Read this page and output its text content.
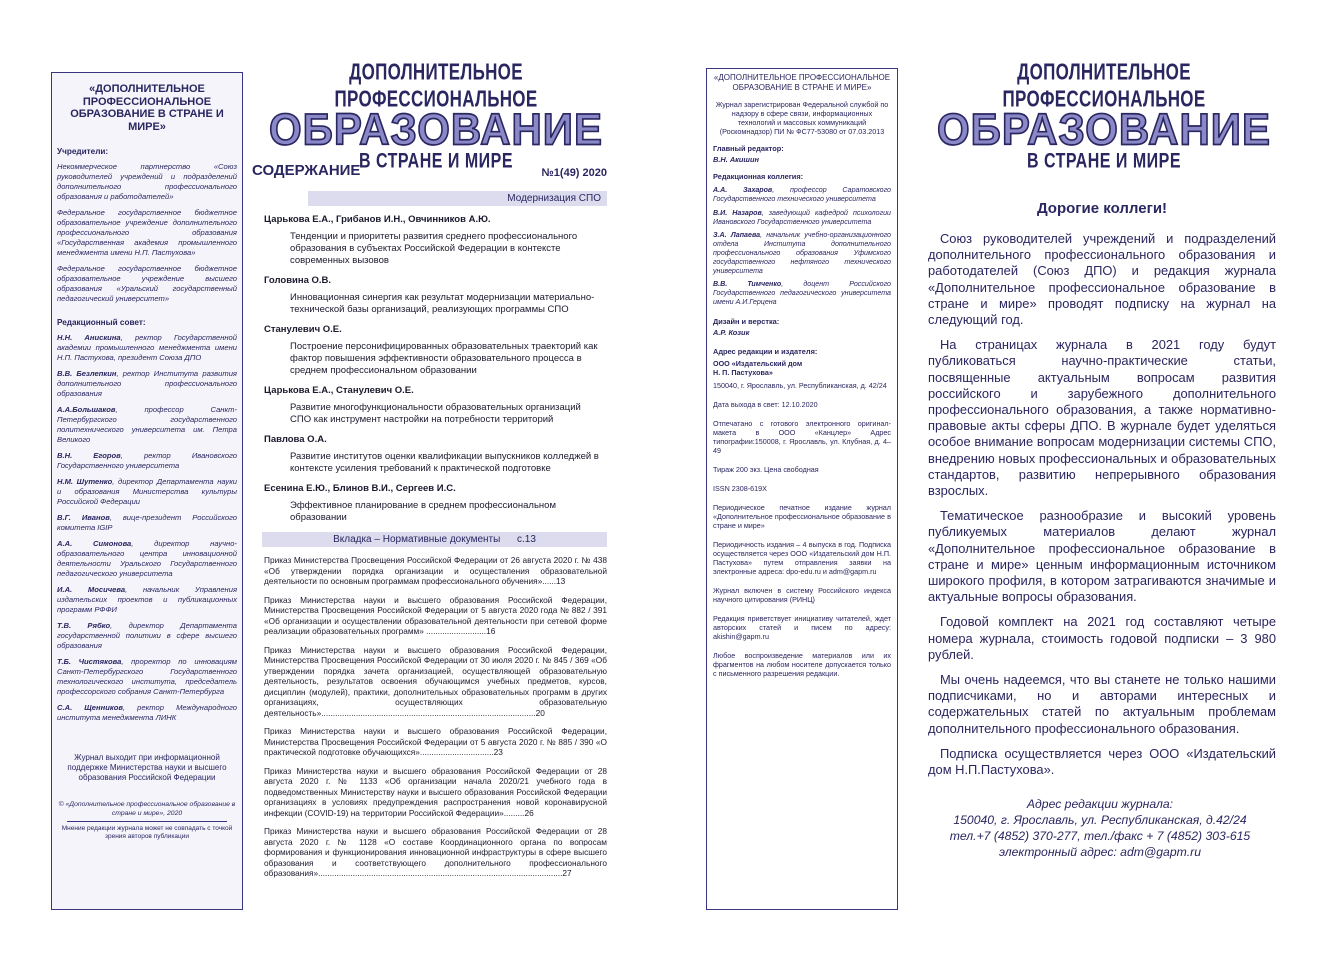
«ДОПОЛНИТЕЛЬНОЕ ПРОФЕССИОНАЛЬНОЕ ОБРАЗОВАНИЕ В СТРАНЕ И МИРЕ»
Учредители:
Некоммерческое партнерство «Союз руководителей учреждений и подразделений дополнительного профессионального образования и работодателей»
Федеральное государственное бюджетное образовательное учреждение дополнительного профессионального образования «Государственная академия промышленного менеджмента имени Н.П. Пастухова»
Федеральное государственное бюджетное образовательное учреждение высшего образования «Уральский государственный педагогический университет»
Редакционный совет:
Н.Н. Анискина, ректор Государственной академии промышленного менеджмента имени Н.П. Пастухова, президент Союза ДПО
В.В. Безлепкин, ректор Института развития дополнительного профессионального образования
А.А.Большаков, профессор Санкт-Петербургского государственного политехнического университета им. Петра Великого
В.Н. Егоров, ректор Ивановского Государственного университета
Н.М. Шутенко, директор Департамента науки и образования Министерства культуры Российской Федерации
В.Г. Иванов, вице-президент Российского комитета IGIP
А.А. Симонова, директор научно-образовательного центра инновационной деятельности Уральского Государственного педагогического университета
И.А. Мосичева, начальник Управления издательских проектов и публикационных программ РФФИ
Т.В. Рябко, директор Департамента государственной политики в сфере высшего образования
Т.Б. Чистякова, проректор по инновациям Санкт-Петербургского Государственного технологического института, председатель профессорского собрания Санкт-Петербурга
С.А. Щенников, ректор Международного института менеджмента ЛИНК
Журнал выходит при информационной поддержке Министерства науки и высшего образования Российской Федерации
© «Дополнительное профессиональное образование в стране и мире», 2020
Мнение редакции журнала может не совпадать с точкой зрения авторов публикации
ДОПОЛНИТЕЛЬНОЕ ПРОФЕССИОНАЛЬНОЕ
ОБРАЗОВАНИЕ
В СТРАНЕ И МИРЕ
СОДЕРЖАНИЕ	№1(49) 2020
Модернизация СПО
Царькова Е.А., Грибанов И.Н., Овчинников А.Ю.
Тенденции и приоритеты развития среднего профессионального образования в субъектах Российской Федерации в контексте современных вызовов
Головина О.В.
Инновационная синергия как результат модернизации материально-технической базы организаций, реализующих программы СПО
Станулевич О.Е.
Построение персонифицированных образовательных траекторий как фактор повышения эффективности образовательного процесса в среднем профессиональном образовании
Царькова Е.А., Станулевич О.Е.
Развитие многофункциональности образовательных организаций СПО как инструмент настройки на потребности территорий
Павлова О.А.
Развитие институтов оценки квалификации выпускников колледжей в контексте усиления требований к практической подготовке
Есенина Е.Ю., Блинов В.И., Сергеев И.С.
Эффективное планирование в среднем профессиональном образовании
Вкладка – Нормативные документы      с.13
Приказ Министерства Просвещения Российской Федерации от 26 августа 2020 г. № 438 «Об утверждении порядка организации и осуществления образовательной деятельности по основным программам профессионального обучения»......13
Приказ Министерства науки и высшего образования Российской Федерации, Министерства Просвещения Российской Федерации от 5 августа 2020 года № 882 / 391 «Об организации и осуществлении образовательной деятельности при сетевой форме реализации образовательных программ» ..........................16
Приказ Министерства науки и высшего образования Российской Федерации, Министерства Просвещения Российской Федерации от 30 июля 2020 г. № 845 / 369 «Об утверждении порядка зачета организацией, осуществляющей образовательную деятельность, результатов освоения обучающимся учебных предметов, курсов, дисциплин (модулей), практики, дополнительных образовательных программ в других организациях, осуществляющих образовательную деятельность».............................................................................................20
Приказ Министерства науки и высшего образования Российской Федерации, Министерства Просвещения Российской Федерации от 5 августа 2020 г. № 885 / 390 «О практической подготовке обучающихся»................................23
Приказ Министерства науки и высшего образования Российской Федерации от 28 августа 2020 г. № 1133 «Об организации начала 2020/21 учебного года в подведомственных Министерству науки и высшего образования Российской Федерации организациях в условиях предупреждения распространения новой коронавирусной инфекции (COVID-19) на территории Российской Федерации».........26
Приказ Министерства науки и высшего образования Российской Федерации от 28 августа 2020 г. № 1128 «О составе Координационного органа по вопросам формирования и функционирования инновационной инфраструктуры в сфере высшего образования и соответствующего дополнительного профессионального образования»..........................................................................................................27
«ДОПОЛНИТЕЛЬНОЕ ПРОФЕССИОНАЛЬНОЕ ОБРАЗОВАНИЕ В СТРАНЕ И МИРЕ»
Журнал зарегистрирован Федеральной службой по надзору в сфере связи, информационных технологий и массовых коммуникаций (Роскомнадзор) ПИ № ФС77-53080 от 07.03.2013
Главный редактор:
В.Н. Акишин
Редакционная коллегия:
А.А. Захаров, профессор Саратовского Государственного технического университета
В.И. Назаров, заведующий кафедрой психологии Ивановского Государственного университета
З.А. Лапаева, начальник учебно-организационного отдела Института дополнительного профессионального образования Уфимского государственного нефтяного технического университета
В.В. Тимченко, доцент Российского Государственного педагогического университета имени А.И.Герцена
Дизайн и верстка:
А.Р. Козик
Адрес редакции и издателя:
ООО «Издательский дом
Н. П. Пастухова»
150040, г. Ярославль, ул. Республиканская, д. 42/24
Дата выхода в свет: 12.10.2020
Отпечатано с готового электронного оригинал-макета в ООО «Канцлер» Адрес типографии:150008, г. Ярославль, ул. Клубная, д. 4–49
Тираж 200 экз. Цена свободная
ISSN 2308-619X
Периодическое печатное издание журнал «Дополнительное профессиональное образование в стране и мире»
Периодичность издания – 4 выпуска в год. Подписка осуществляется через ООО «Издательский дом Н.П. Пастухова» путем отправления заявки на электронные адреса: dpo-edu.ru и adm@gapm.ru
Журнал включен в систему Российского индекса научного цитирования (РИНЦ)
Редакция приветствует инициативу читателей, ждет авторских статей и писем по адресу: akishin@gapm.ru
Любое воспроизведение материалов или их фрагментов на любом носителе допускается только с письменного разрешения редакции.
ДОПОЛНИТЕЛЬНОЕ ПРОФЕССИОНАЛЬНОЕ
ОБРАЗОВАНИЕ
В СТРАНЕ И МИРЕ
Дорогие коллеги!

Союз руководителей учреждений и подразделений дополнительного профессионального образования и работодателей (Союз ДПО) и редакция журнала «Дополнительное профессиональное образование в стране и мире» проводят подписку на журнал на следующий год.

На страницах журнала в 2021 году будут публиковаться научно-практические статьи, посвященные актуальным вопросам развития российского и зарубежного дополнительного профессионального образования, а также нормативно-правовые акты сферы ДПО. В журнале будет уделяться особое внимание вопросам модернизации системы СПО, внедрению новых профессиональных и образовательных стандартов, развитию непрерывного образования взрослых.

Тематическое разнообразие и высокий уровень публикуемых материалов делают журнал «Дополнительное профессиональное образование в стране и мире» ценным информационным источником широкого профиля, в котором затрагиваются значимые и актуальные вопросы образования.

Годовой комплект на 2021 год составляют четыре номера журнала, стоимость годовой подписки – 3 980 рублей.

Мы очень надеемся, что вы станете не только нашими подписчиками, но и авторами интересных и содержательных статей по актуальным проблемам дополнительного профессионального образования.

Подписка осуществляется через ООО «Издательский дом Н.П.Пастухова».

Адрес редакции журнала:
150040, г. Ярославль, ул. Республиканская, д.42/24
тел.+7 (4852) 370-277, тел./факс + 7 (4852) 303-615
электронный адрес: adm@gapm.ru
